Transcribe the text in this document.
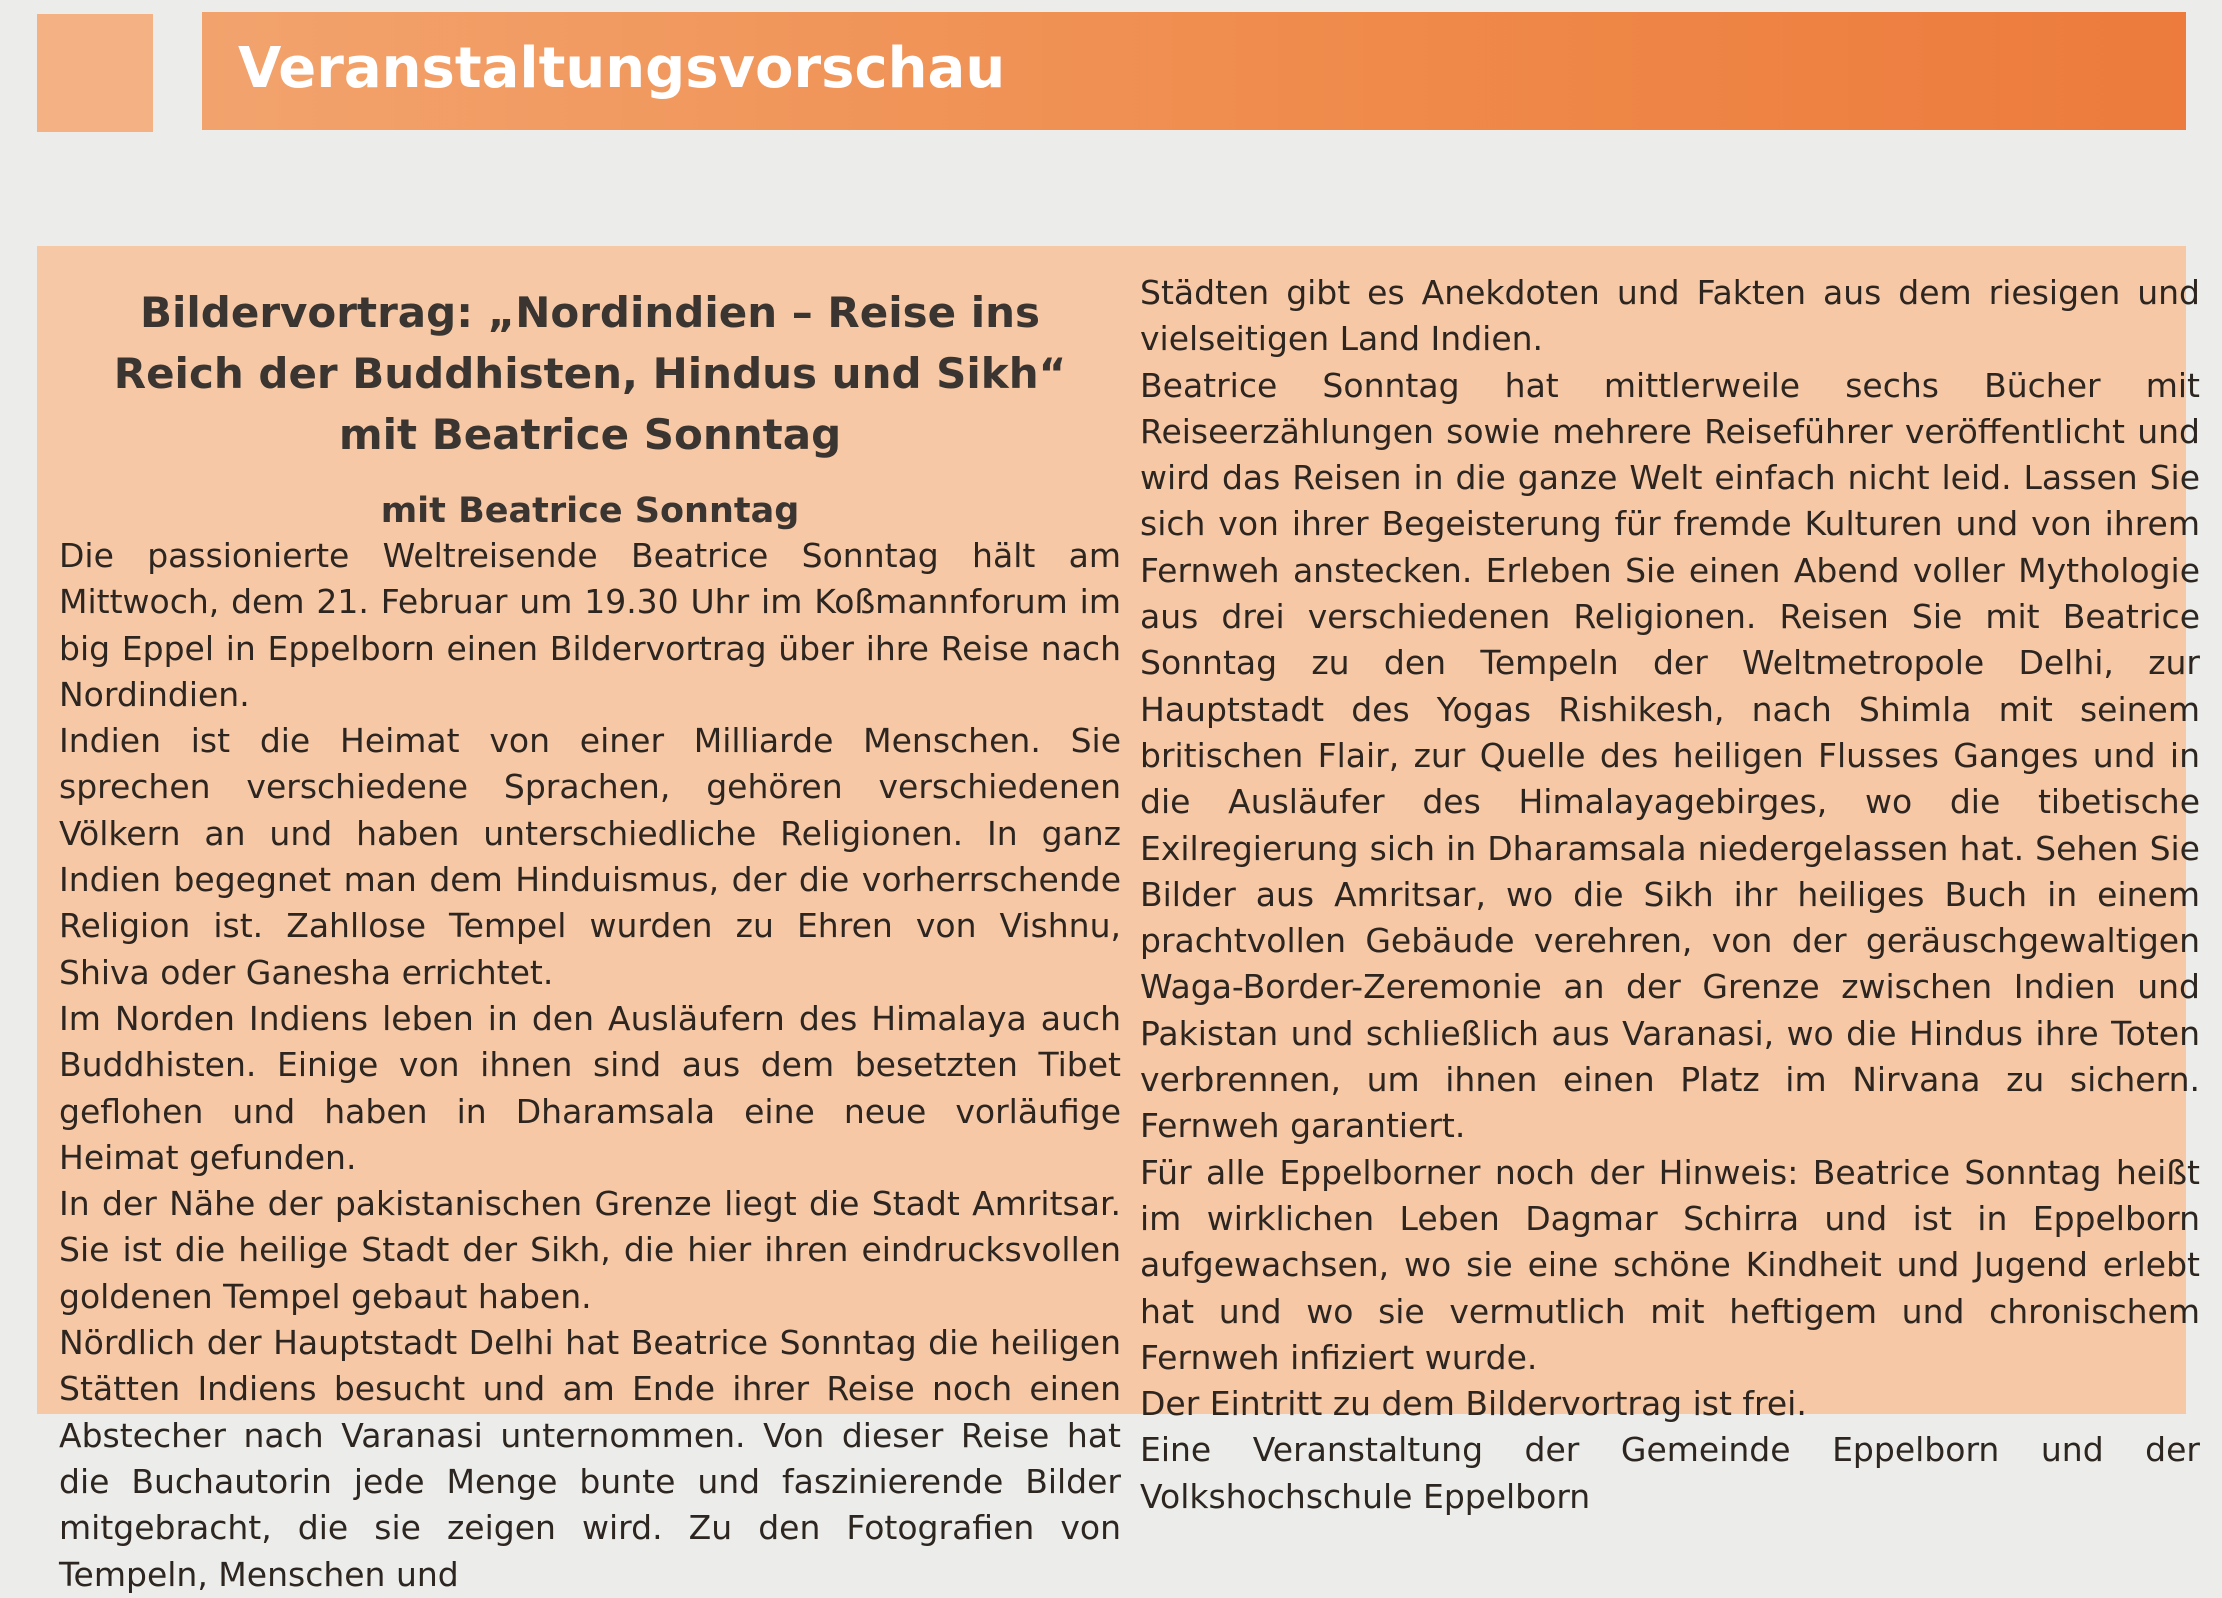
Veranstaltungsvorschau
Bildervortrag: „Nordindien – Reise ins Reich der Buddhisten, Hindus und Sikh“ mit Beatrice Sonntag
mit Beatrice Sonntag

Die passionierte Weltreisende Beatrice Sonntag hält am Mittwoch, dem 21. Februar um 19.30 Uhr im Koßmannforum im big Eppel in Eppelborn einen Bildervortrag über ihre Reise nach Nordindien.

Indien ist die Heimat von einer Milliarde Menschen. Sie sprechen verschiedene Sprachen, gehören verschiedenen Völkern an und haben unterschiedliche Religionen. In ganz Indien begegnet man dem Hinduismus, der die vorherrschende Religion ist. Zahllose Tempel wurden zu Ehren von Vishnu, Shiva oder Ganesha errichtet.

Im Norden Indiens leben in den Ausläufern des Himalaya auch Buddhisten. Einige von ihnen sind aus dem besetzten Tibet geflohen und haben in Dharamsala eine neue vorläufige Heimat gefunden.

In der Nähe der pakistanischen Grenze liegt die Stadt Amritsar. Sie ist die heilige Stadt der Sikh, die hier ihren eindrucksvollen goldenen Tempel gebaut haben.

Nördlich der Hauptstadt Delhi hat Beatrice Sonntag die heiligen Stätten Indiens besucht und am Ende ihrer Reise noch einen Abstecher nach Varanasi unternommen. Von dieser Reise hat die Buchautorin jede Menge bunte und faszinierende Bilder mitgebracht, die sie zeigen wird. Zu den Fotografien von Tempeln, Menschen und

Städten gibt es Anekdoten und Fakten aus dem riesigen und vielseitigen Land Indien.

Beatrice Sonntag hat mittlerweile sechs Bücher mit Reiseerzählungen sowie mehrere Reiseführer veröffentlicht und wird das Reisen in die ganze Welt einfach nicht leid. Lassen Sie sich von ihrer Begeisterung für fremde Kulturen und von ihrem Fernweh anstecken. Erleben Sie einen Abend voller Mythologie aus drei verschiedenen Religionen. Reisen Sie mit Beatrice Sonntag zu den Tempeln der Weltmetropole Delhi, zur Hauptstadt des Yogas Rishikesh, nach Shimla mit seinem britischen Flair, zur Quelle des heiligen Flusses Ganges und in die Ausläufer des Himalayagebirges, wo die tibetische Exilregierung sich in Dharamsala niedergelassen hat. Sehen Sie Bilder aus Amritsar, wo die Sikh ihr heiliges Buch in einem prachtvollen Gebäude verehren, von der geräuschgewaltigen Waga-Border-Zeremonie an der Grenze zwischen Indien und Pakistan und schließlich aus Varanasi, wo die Hindus ihre Toten verbrennen, um ihnen einen Platz im Nirvana zu sichern. Fernweh garantiert.

Für alle Eppelborner noch der Hinweis: Beatrice Sonntag heißt im wirklichen Leben Dagmar Schirra und ist in Eppelborn aufgewachsen, wo sie eine schöne Kindheit und Jugend erlebt hat und wo sie vermutlich mit heftigem und chronischem Fernweh infiziert wurde.

Der Eintritt zu dem Bildervortrag ist frei.

Eine Veranstaltung der Gemeinde Eppelborn und der Volkshochschule Eppelborn
